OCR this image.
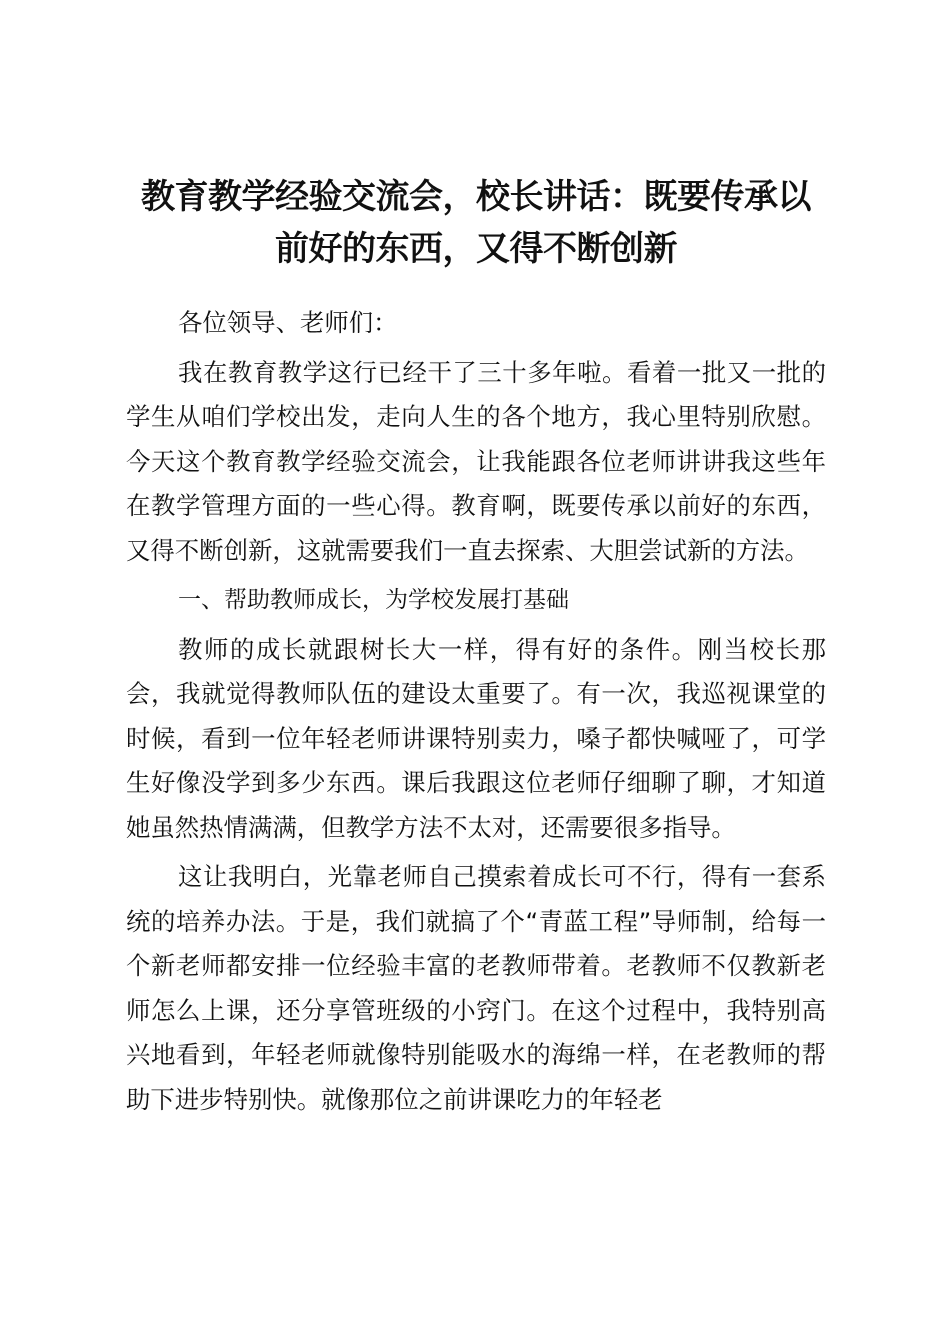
教育教学经验交流会，校长讲话：既要传承以前好的东西，又得不断创新

各位领导、老师们：

我在教育教学这行已经干了三十多年啦。看着一批又一批的学生从咱们学校出发，走向人生的各个地方，我心里特别欣慰。今天这个教育教学经验交流会，让我能跟各位老师讲讲我这些年在教学管理方面的一些心得。教育啊，既要传承以前好的东西，又得不断创新，这就需要我们一直去探索、大胆尝试新的方法。

一、帮助教师成长，为学校发展打基础

教师的成长就跟树长大一样，得有好的条件。刚当校长那会，我就觉得教师队伍的建设太重要了。有一次，我巡视课堂的时候，看到一位年轻老师讲课特别卖力，嗓子都快喊哑了，可学生好像没学到多少东西。课后我跟这位老师仔细聊了聊，才知道她虽然热情满满，但教学方法不太对，还需要很多指导。

这让我明白，光靠老师自己摸索着成长可不行，得有一套系统的培养办法。于是，我们就搞了个“青蓝工程”导师制，给每一个新老师都安排一位经验丰富的老教师带着。老教师不仅教新老师怎么上课，还分享管班级的小窍门。在这个过程中，我特别高兴地看到，年轻老师就像特别能吸水的海绵一样，在老教师的帮助下进步特别快。就像那位之前讲课吃力的年轻老
